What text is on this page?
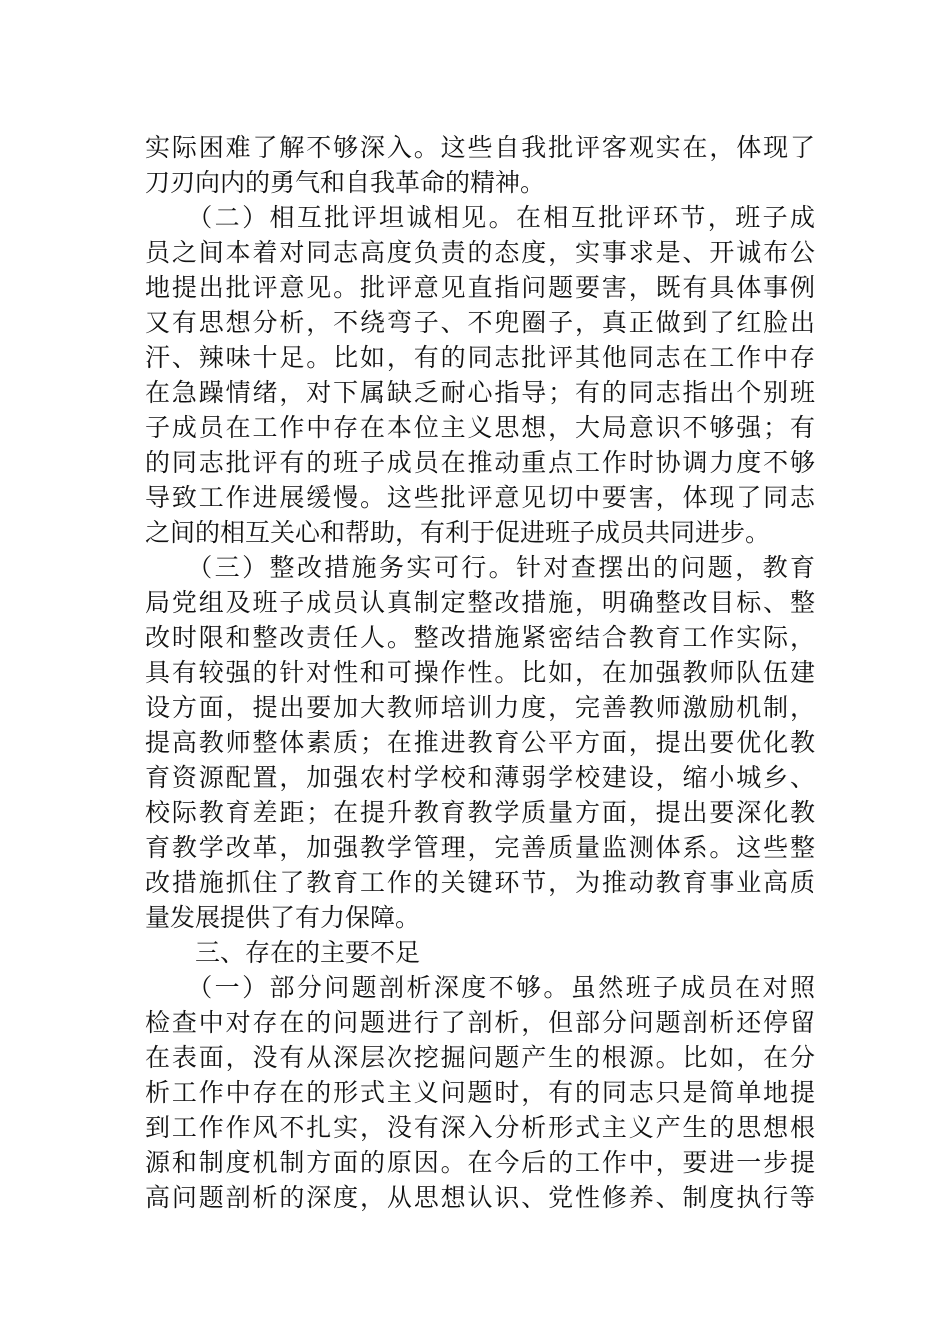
实际困难了解不够深入。这些自我批评客观实在，体现了
刀刃向内的勇气和自我革命的精神。
　　（二）相互批评坦诚相见。在相互批评环节，班子成
员之间本着对同志高度负责的态度，实事求是、开诚布公
地提出批评意见。批评意见直指问题要害，既有具体事例
又有思想分析，不绕弯子、不兜圈子，真正做到了红脸出
汗、辣味十足。比如，有的同志批评其他同志在工作中存
在急躁情绪，对下属缺乏耐心指导；有的同志指出个别班
子成员在工作中存在本位主义思想，大局意识不够强；有
的同志批评有的班子成员在推动重点工作时协调力度不够
导致工作进展缓慢。这些批评意见切中要害，体现了同志
之间的相互关心和帮助，有利于促进班子成员共同进步。
　　（三）整改措施务实可行。针对查摆出的问题，教育
局党组及班子成员认真制定整改措施，明确整改目标、整
改时限和整改责任人。整改措施紧密结合教育工作实际，
具有较强的针对性和可操作性。比如，在加强教师队伍建
设方面，提出要加大教师培训力度，完善教师激励机制，
提高教师整体素质；在推进教育公平方面，提出要优化教
育资源配置，加强农村学校和薄弱学校建设，缩小城乡、
校际教育差距；在提升教育教学质量方面，提出要深化教
育教学改革，加强教学管理，完善质量监测体系。这些整
改措施抓住了教育工作的关键环节，为推动教育事业高质
量发展提供了有力保障。
　　三、存在的主要不足
　　（一）部分问题剖析深度不够。虽然班子成员在对照
检查中对存在的问题进行了剖析，但部分问题剖析还停留
在表面，没有从深层次挖掘问题产生的根源。比如，在分
析工作中存在的形式主义问题时，有的同志只是简单地提
到工作作风不扎实，没有深入分析形式主义产生的思想根
源和制度机制方面的原因。在今后的工作中，要进一步提
高问题剖析的深度，从思想认识、党性修养、制度执行等
